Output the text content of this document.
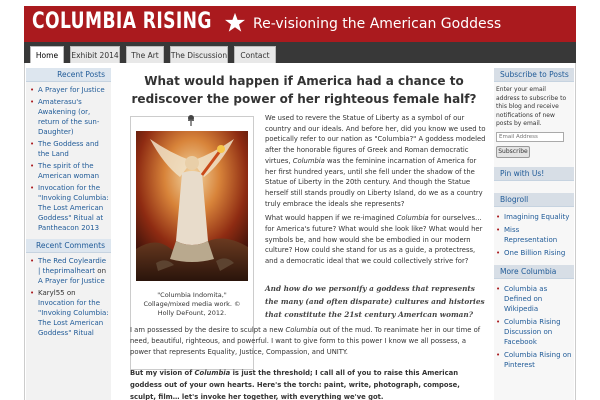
COLUMBIA RISING	Re-visioning the American Goddess
Home	Exhibit 2014	The Art	The Discussion	Contact
Recent Posts
• A Prayer for Justice
• Amaterasu's Awakening (or, return of the sun-Daughter)
• The Goddess and the Land
• The spirit of the American woman
• Invocation for the "Invoking Columbia: The Lost American Goddess" Ritual at Pantheacon 2013
Recent Comments
• The Red Coyleardie | theprimalheart on A Prayer for Justice
• Karyl55 on Invocation for the "Invoking Columbia: The Lost American Goddess" Ritual
What would happen if America had a chance to rediscover the power of her righteous female half?
"Columbia Indomita," Collage/mixed media work. © Holly DeFount, 2012.

We used to revere the Statue of Liberty as a symbol of our country and our ideals. And before her, did you know we used to poetically refer to our nation as "Columbia?" A goddess modeled after the honorable figures of Greek and Roman democratic virtues, Columbia was the feminine incarnation of America for her first hundred years, until she fell under the shadow of the Statue of Liberty in the 20th century. And though the Statue herself still stands proudly on Liberty Island, do we as a country truly embrace the ideals she represents?

What would happen if we re-imagined Columbia for ourselves… for America's future? What would she look like? What would her symbols be, and how would she be embodied in our modern culture? How could she stand for us as a guide, a protectress, and a democratic ideal that we could collectively strive for?

And how do we personify a goddess that represents the many (and often disparate) cultures and histories that constitute the 21st century American woman?
I am possessed by the desire to sculpt a new Columbia out of the mud. To reanimate her in our time of need, beautiful, righteous, and powerful. I want to give form to this power I know we all possess, a power that represents Equality, Justice, Compassion, and UNITY.
But my vision of Columbia is just the threshold; I call all of you to raise this American goddess out of your own hearts. Here's the torch: paint, write, photograph, compose, sculpt, film… let's invoke her together, with everything we've got.
Subscribe to Posts
Enter your email address to subscribe to this blog and receive notifications of new posts by email.
Email Address
Subscribe
Pin with Us!
Blogroll
• Imagining Equality
• Miss Representation
• One Billion Rising
More Columbia
• Columbia as Defined on Wikipedia
• Columbia Rising Discussion on Facebook
• Columbia Rising on Pinterest
